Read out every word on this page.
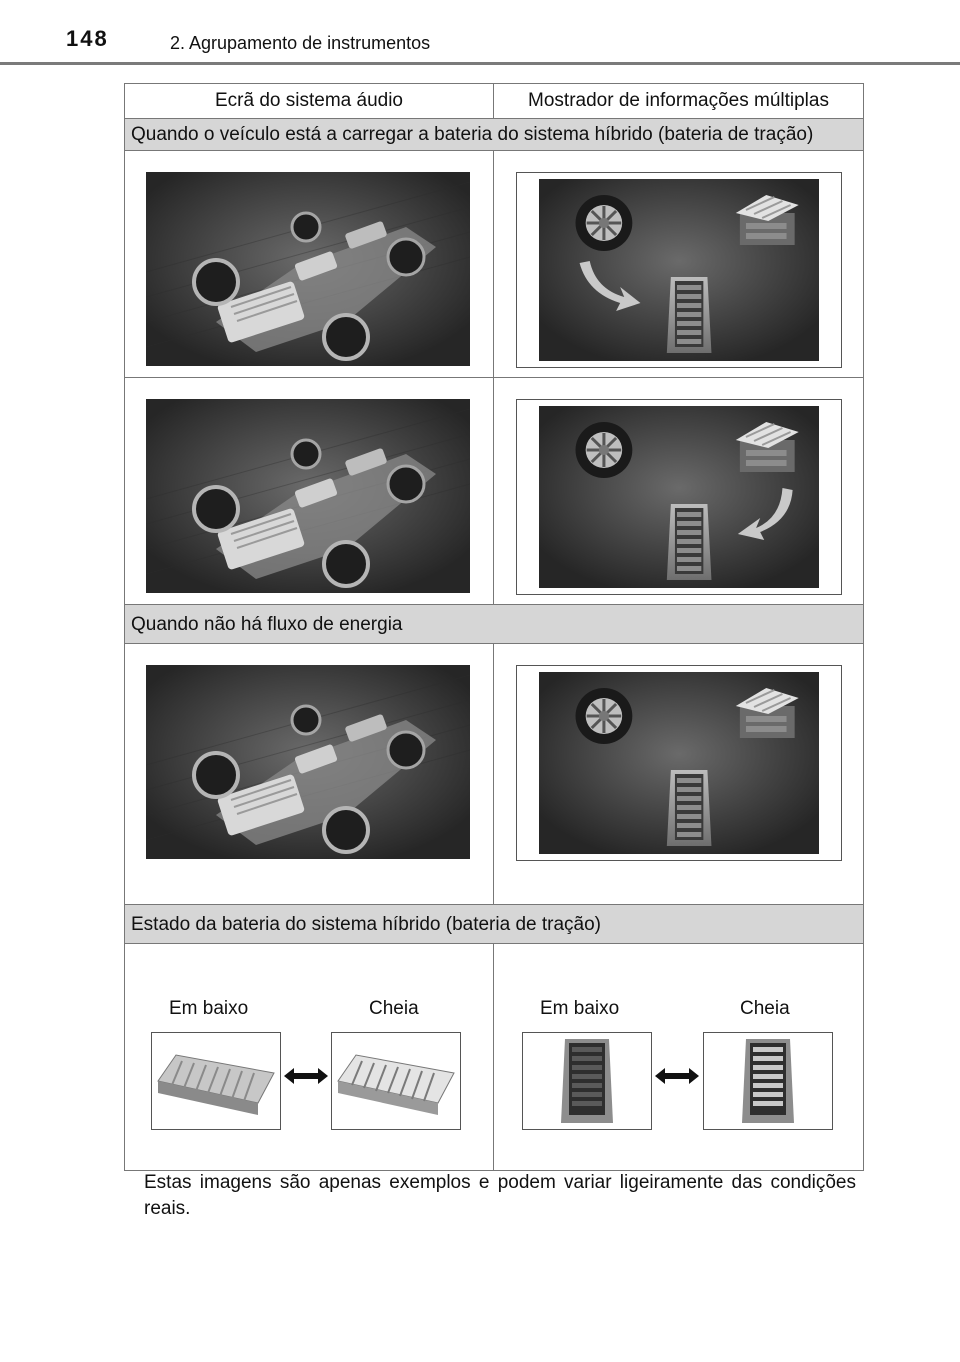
148	2. Agrupamento de instrumentos
Ecrã do sistema áudio	Mostrador de informações múltiplas
Quando o veículo está a carregar a bateria do sistema híbrido (bateria de tração)	

Quando não há fluxo de energia	

Estado da bateria do sistema híbrido (bateria de tração)	

Em baixo Cheia	Em baixo Cheia
Estas imagens são apenas exemplos e podem variar ligeiramente das condições reais.
